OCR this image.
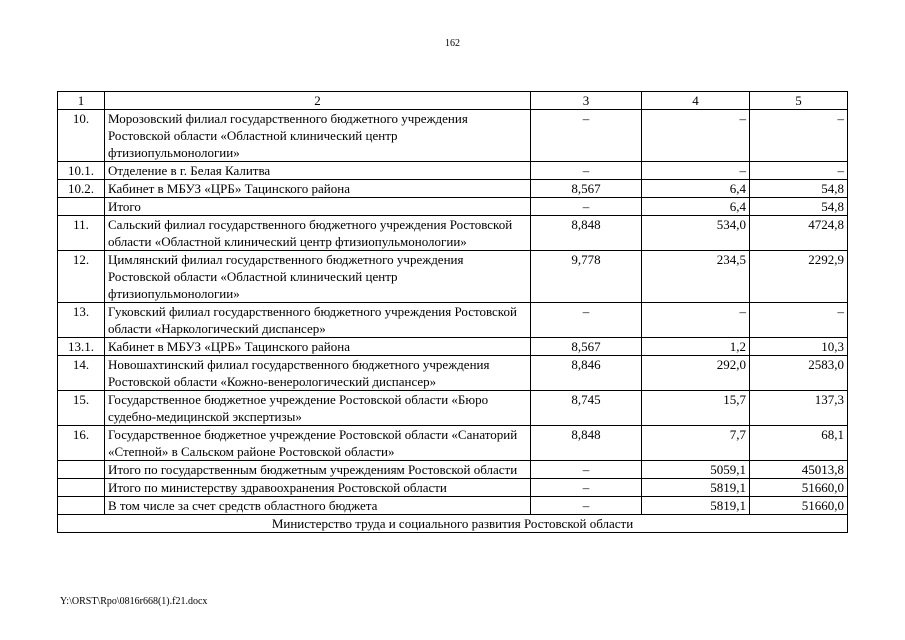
162
1	2	3	4	5
10.	Морозовский филиал государственного бюджетного учреждения Ростовской области «Областной клинический центр фтизиопульмонологии»	–	–	–
10.1.	Отделение в г. Белая Калитва	–	–	–
10.2.	Кабинет в МБУЗ «ЦРБ» Тацинского района	8,567	6,4	54,8
	Итого	–	6,4	54,8
11.	Сальский филиал государственного бюджетного учреждения Ростовской области «Областной клинический центр фтизиопульмонологии»	8,848	534,0	4724,8
12.	Цимлянский филиал государственного бюджетного учреждения Ростовской области «Областной клинический центр фтизиопульмонологии»	9,778	234,5	2292,9
13.	Гуковский филиал государственного бюджетного учреждения Ростовской области «Наркологический диспансер»	–	–	–
13.1.	Кабинет в МБУЗ «ЦРБ» Тацинского района	8,567	1,2	10,3
14.	Новошахтинский филиал государственного бюджетного учреждения Ростовской области «Кожно-венерологический диспансер»	8,846	292,0	2583,0
15.	Государственное бюджетное учреждение Ростовской области «Бюро судебно-медицинской экспертизы»	8,745	15,7	137,3
16.	Государственное бюджетное учреждение Ростовской области «Санаторий «Степной» в Сальском районе Ростовской области»	8,848	7,7	68,1
	Итого по государственным бюджетным учреждениям Ростовской области	–	5059,1	45013,8
	Итого по министерству здравоохранения Ростовской области	–	5819,1	51660,0
	В том числе за счет средств областного бюджета	–	5819,1	51660,0
Министерство труда и социального развития Ростовской области				
Y:\ORST\Rpo\0816r668(1).f21.docx
